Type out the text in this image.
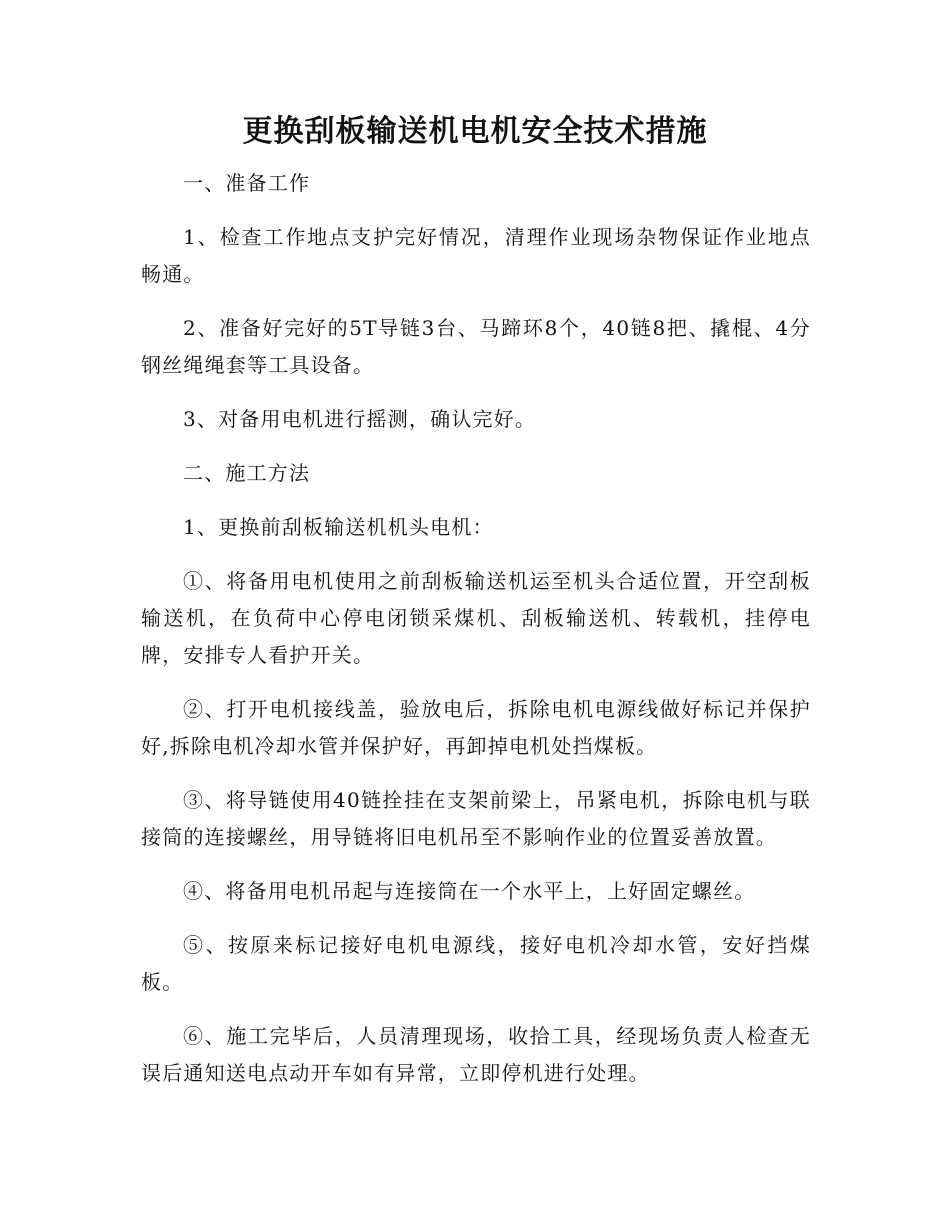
更换刮板输送机电机安全技术措施

一、准备工作

1、检查工作地点支护完好情况，清理作业现场杂物保证作业地点畅通。

2、准备好完好的5T导链3台、马蹄环8个，40链8把、撬棍、4分钢丝绳绳套等工具设备。

3、对备用电机进行摇测，确认完好。

二、施工方法

1、更换前刮板输送机机头电机：

①、将备用电机使用之前刮板输送机运至机头合适位置，开空刮板输送机，在负荷中心停电闭锁采煤机、刮板输送机、转载机，挂停电牌，安排专人看护开关。

②、打开电机接线盖，验放电后，拆除电机电源线做好标记并保护好,拆除电机冷却水管并保护好，再卸掉电机处挡煤板。

③、将导链使用40链拴挂在支架前梁上，吊紧电机，拆除电机与联接筒的连接螺丝，用导链将旧电机吊至不影响作业的位置妥善放置。

④、将备用电机吊起与连接筒在一个水平上，上好固定螺丝。

⑤、按原来标记接好电机电源线，接好电机冷却水管，安好挡煤板。

⑥、施工完毕后，人员清理现场，收拾工具，经现场负责人检查无误后通知送电点动开车如有异常，立即停机进行处理。
